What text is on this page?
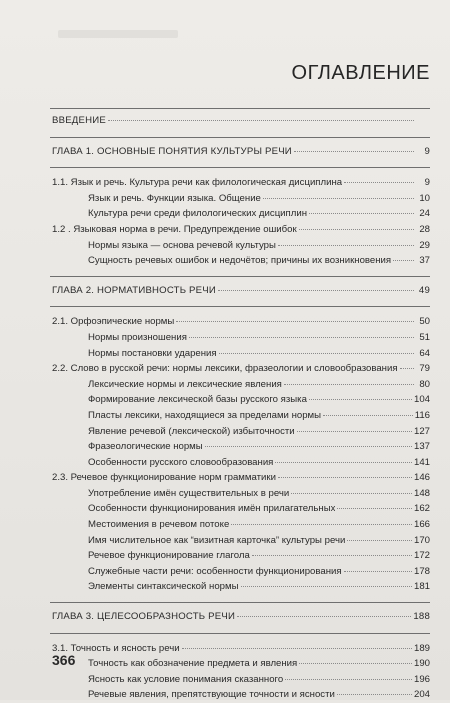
ОГЛАВЛЕНИЕ
ВВЕДЕНИЕ
ГЛАВА 1. ОСНОВНЫЕ ПОНЯТИЯ КУЛЬТУРЫ РЕЧИ	9
1.1. Язык и речь. Культура речи как филологическая дисциплина	9
Язык и речь. Функции языка. Общение	10
Культура речи среди филологических дисциплин	24
1.2 . Языковая норма в речи. Предупреждение ошибок	28
Нормы языка — основа речевой культуры	29
Сущность речевых ошибок и недочётов; причины их возникновения	37
ГЛАВА 2. НОРМАТИВНОСТЬ РЕЧИ	49
2.1. Орфоэпические нормы	50
Нормы произношения	51
Нормы постановки ударения	64
2.2. Слово в русской речи: нормы лексики, фразеологии и словообразования	79
Лексические нормы и лексические явления	80
Формирование лексической базы русского языка	104
Пласты лексики, находящиеся за пределами нормы	116
Явление речевой (лексической) избыточности	127
Фразеологические нормы	137
Особенности русского словообразования	141
2.3. Речевое функционирование норм грамматики	146
Употребление имён существительных в речи	148
Особенности функционирования имён прилагательных	162
Местоимения в речевом потоке	166
Имя числительное как “визитная карточка” культуры речи	170
Речевое функционирование глагола	172
Служебные части речи: особенности функционирования	178
Элементы синтаксической нормы	181
ГЛАВА 3. ЦЕЛЕСООБРАЗНОСТЬ РЕЧИ	188
3.1. Точность и ясность речи	189
Точность как обозначение предмета и явления	190
Ясность как условие понимания сказанного	196
Речевые явления, препятствующие точности и ясности	204
366
